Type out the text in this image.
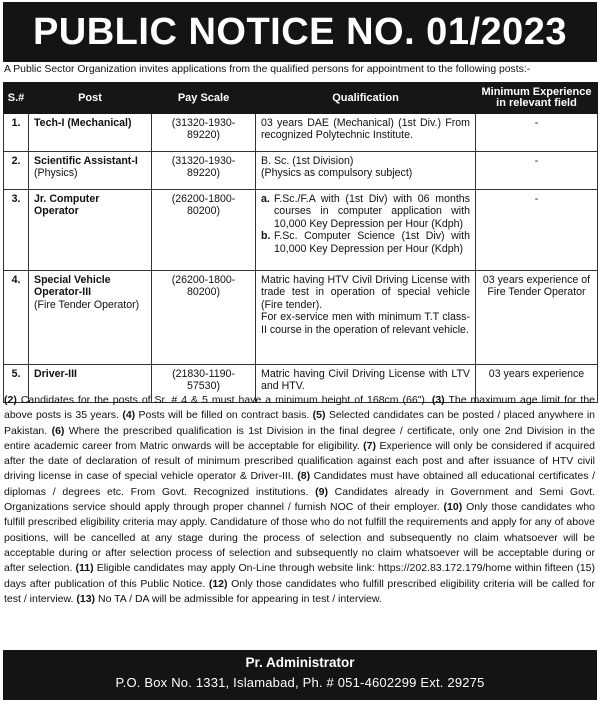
PUBLIC NOTICE NO. 01/2023
A Public Sector Organization invites applications from the qualified persons for appointment to the following posts:-
S.#	Post	Pay Scale	Qualification	Minimum Experience
in relevant field
1.	Tech-I (Mechanical)	(31320-1930-89220)	03 years DAE (Mechanical) (1st Div.) From recognized Polytechnic Institute.	-
2.	Scientific Assistant-I
(Physics)	(31320-1930-89220)	B. Sc. (1st Division)
(Physics as compulsory subject)	-
3.	Jr. Computer Operator	(26200-1800-80200)	a. F.Sc./F.A with (1st Div) with 06 months courses in computer application with 10,000 Key Depression per Hour (Kdph)
b. F.Sc. Computer Science (1st Div) with 10,000 Key Depression per Hour (Kdph)	-
4.	Special Vehicle
Operator-III
(Fire Tender Operator)	(26200-1800-80200)	Matric having HTV Civil Driving License with trade test in operation of special vehicle (Fire tender).
For ex-service men with minimum T.T class-II course in the operation of relevant vehicle.	03 years experience of Fire Tender Operator
5.	Driver-III	(21830-1190-57530)	Matric having Civil Driving License with LTV and HTV.	03 years experience
(2) Candidates for the posts of Sr. # 4 & 5 must have a minimum height of 168cm (66"). (3) The maximum age limit for the above posts is 35 years. (4) Posts will be filled on contract basis. (5) Selected candidates can be posted / placed anywhere in Pakistan. (6) Where the prescribed qualification is 1st Division in the final degree / certificate, only one 2nd Division in the entire academic career from Matric onwards will be acceptable for eligibility. (7) Experience will only be considered if acquired after the date of declaration of result of minimum prescribed qualification against each post and after issuance of HTV civil driving license in case of special vehicle operator & Driver-III. (8) Candidates must have obtained all educational certificates / diplomas / degrees etc. From Govt. Recognized institutions. (9) Candidates already in Government and Semi Govt. Organizations service should apply through proper channel / furnish NOC of their employer. (10) Only those candidates who fulfill prescribed eligibility criteria may apply. Candidature of those who do not fulfill the requirements and apply for any of above positions, will be cancelled at any stage during the process of selection and subsequently no claim whatsoever will be acceptable during or after selection process of selection and subsequently no claim whatsoever will be acceptable during or after selection. (11) Eligible candidates may apply On-Line through website link: https://202.83.172.179/home within fifteen (15) days after publication of this Public Notice. (12) Only those candidates who fulfill prescribed eligibility criteria will be called for test / interview. (13) No TA / DA will be admissible for appearing in test / interview.
Pr. Administrator
P.O. Box No. 1331, Islamabad, Ph. # 051-4602299 Ext. 29275
